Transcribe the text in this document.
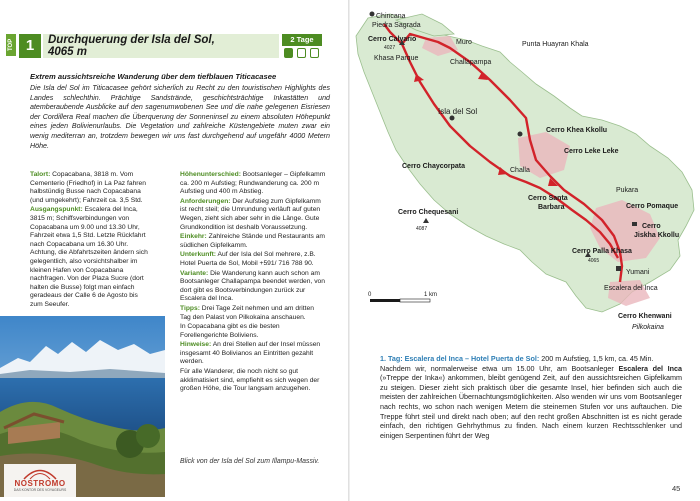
TOP 1	Durchquerung der Isla del Sol,
4065 m
2 Tage
Extrem aussichtsreiche Wanderung über dem tiefblauen Titicacasee
Die Isla del Sol im Titicacasee gehört sicherlich zu Recht zu den touristischen Highlights des Landes schlechthin. Prächtige Sandstrände, geschichtsträchtige Inkastätten und atemberaubende Ausblicke auf den sagenumwobenen See und die nahe gelegenen Eisriesen der Cordillera Real machen die Überquerung der Sonneninsel zu einem absoluten Höhepunkt eines jeden Bolivienurlaubs. Die Vegetation und zahlreiche Küstengebiete muten zwar ein wenig mediterran an, trotzdem bewegen wir uns fast durchgehend auf ungefähr 4000 Metern Höhe.

Talort: Copacabana, 3818 m. Vom Cementerio (Friedhof) in La Paz fahren halbstündig Busse nach Copacabana (und umgekehrt); Fahrzeit ca. 3,5 Std.

Ausgangspunkt: Escalera del Inca, 3815 m; Schiffsverbindungen von Copacabana um 9.00 und 13.30 Uhr, Fahrzeit etwa 1,5 Std. Letzte Rückfahrt nach Copacabana um 16.30 Uhr. Achtung, die Abfahrtszeiten ändern sich gelegentlich, also vorsichtshalber im kleinen Hafen von Copacabana nachfragen. Von der Plaza Sucre (dort halten die Busse) folgt man einfach geradeaus der Calle 6 de Agosto bis zum Seeufer.

Höhenunterschied: Bootsanleger – Gipfelkamm ca. 200 m Aufstieg; Rundwanderung ca. 200 m Aufstieg und 400 m Abstieg.

Anforderungen: Der Aufstieg zum Gipfelkamm ist recht steil; die Umrundung verläuft auf guten Wegen, zieht sich aber sehr in die Länge. Gute Grundkondition ist deshalb Voraussetzung.

Einkehr: Zahlreiche Stände und Restaurants am südlichen Gipfelkamm.

Unterkunft: Auf der Isla del Sol mehrere, z.B. Hotel Puerta de Sol, Mobil +591/ 716 788 90.

Variante: Die Wanderung kann auch schon am Bootsanleger Challapampa beendet werden, von dort gibt es Bootsverbindungen zurück zur Escalera del Inca.

Tipps: Drei Tage Zeit nehmen und am dritten Tag den Palast von Pilkokaina anschauen.

In Copacabana gibt es die besten Forellengerichte Boliviens.

Hinweise: An drei Stellen auf der Insel müssen insgesamt 40 Bolivianos an Eintritten gezahlt werden.

Für alle Wanderer, die noch nicht so gut akklimatisiert sind, empfiehlt es sich wegen der großen Höhe, die Tour langsam anzugehen.

NOSTROMO
DAS KONTOR DES VOYAGEURS
Blick von der Isla del Sol zum Illampu-Massiv.
Chincana
Piedra Sagrada
Cerro Calvario
4027
Khasa Parque
Muro
Challapampa
Punta Huayran Khala
Isla del Sol
Cerro Khea Kkollu
Cerro Leke Leke
Cerro Chaycorpata
Challa
Cerro Santa
Barbara
Pukara
Cerro Pomaque
Cerro Chequesani
4087	Cerro
Jiskha Kkollu
Cerro Palla Khasa
4065
Yumani
Escalera del Inca
Cerro Khenwani
Pilkokaina
0	1 km
1. Tag: Escalera del Inca – Hotel Puerta de Sol: 200 m Aufstieg, 1,5 km, ca. 45 Min.
Nachdem wir, normalerweise etwa um 15.00 Uhr, am Bootsanleger Escalera del Inca (»Treppe der Inka«) ankommen, bleibt genügend Zeit, auf den aussichtsreichen Gipfelkamm zu steigen. Dieser zieht sich praktisch über die gesamte Insel, hier befinden sich auch die meisten der zahlreichen Übernachtungsmöglichkeiten. Also wenden wir uns vom Bootsanleger nach rechts, wo schon nach wenigen Metern die steinernen Stufen vor uns auftauchen. Die Treppe führt steil und direkt nach oben; auf den recht großen Abschnitten ist es nicht gerade einfach, den richtigen Gehrhythmus zu finden. Nach einem kurzen Rechtsschlenker und einigen Serpentinen führt der Weg
45
